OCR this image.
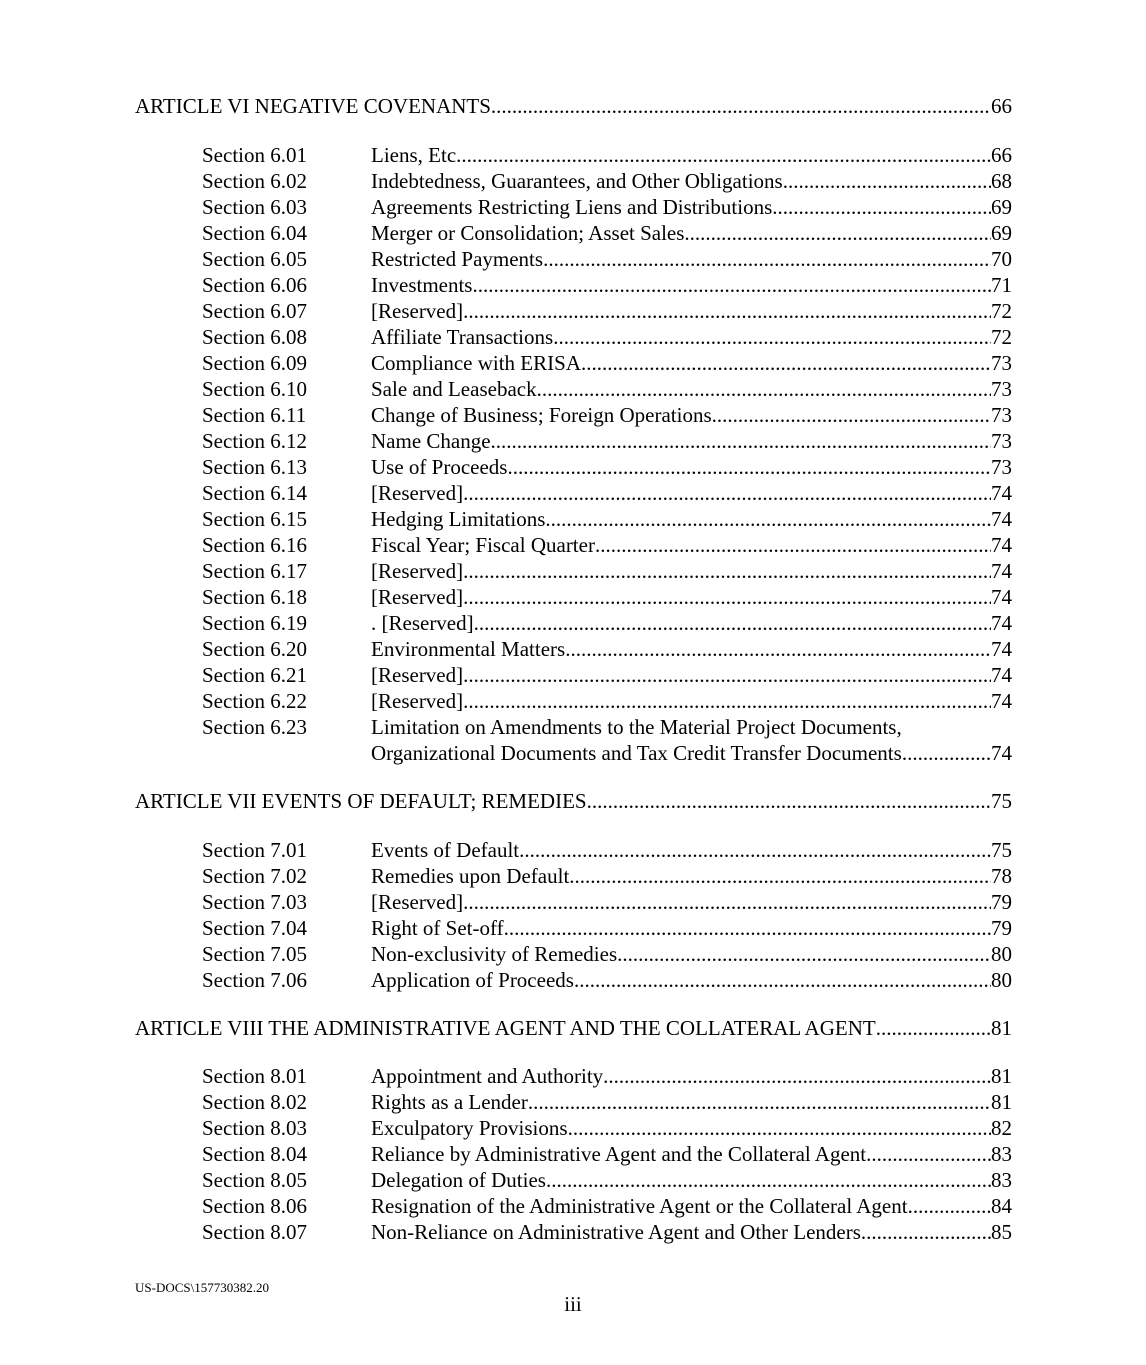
ARTICLE VI NEGATIVE COVENANTS .....	66
Section 6.01	Liens, Etc .....	66
Section 6.02	Indebtedness, Guarantees, and Other Obligations .....	68
Section 6.03	Agreements Restricting Liens and Distributions .....	69
Section 6.04	Merger or Consolidation; Asset Sales .....	69
Section 6.05	Restricted Payments .....	70
Section 6.06	Investments .....	71
Section 6.07	[Reserved] .....	72
Section 6.08	Affiliate Transactions .....	72
Section 6.09	Compliance with ERISA .....	73
Section 6.10	Sale and Leaseback .....	73
Section 6.11	Change of Business; Foreign Operations .....	73
Section 6.12	Name Change .....	73
Section 6.13	Use of Proceeds .....	73
Section 6.14	[Reserved] .....	74
Section 6.15	Hedging Limitations .....	74
Section 6.16	Fiscal Year; Fiscal Quarter .....	74
Section 6.17	[Reserved] .....	74
Section 6.18	[Reserved] .....	74
Section 6.19	. [Reserved] .....	74
Section 6.20	Environmental Matters .....	74
Section 6.21	[Reserved] .....	74
Section 6.22	[Reserved] .....	74
Section 6.23	Limitation on Amendments to the Material Project Documents,
Organizational Documents and Tax Credit Transfer Documents .....	74
ARTICLE VII EVENTS OF DEFAULT; REMEDIES .....	75
Section 7.01	Events of Default .....	75
Section 7.02	Remedies upon Default .....	78
Section 7.03	[Reserved]. .....	79
Section 7.04	Right of Set-off .....	79
Section 7.05	Non-exclusivity of Remedies .....	80
Section 7.06	Application of Proceeds .....	80
ARTICLE VIII THE ADMINISTRATIVE AGENT AND THE COLLATERAL AGENT .....	81
Section 8.01	Appointment and Authority .....	81
Section 8.02	Rights as a Lender .....	81
Section 8.03	Exculpatory Provisions .....	82
Section 8.04	Reliance by Administrative Agent and the Collateral Agent .....	83
Section 8.05	Delegation of Duties .....	83
Section 8.06	Resignation of the Administrative Agent or the Collateral Agent .....	84
Section 8.07	Non-Reliance on Administrative Agent and Other Lenders .....	85
US-DOCS\157730382.20
iii
